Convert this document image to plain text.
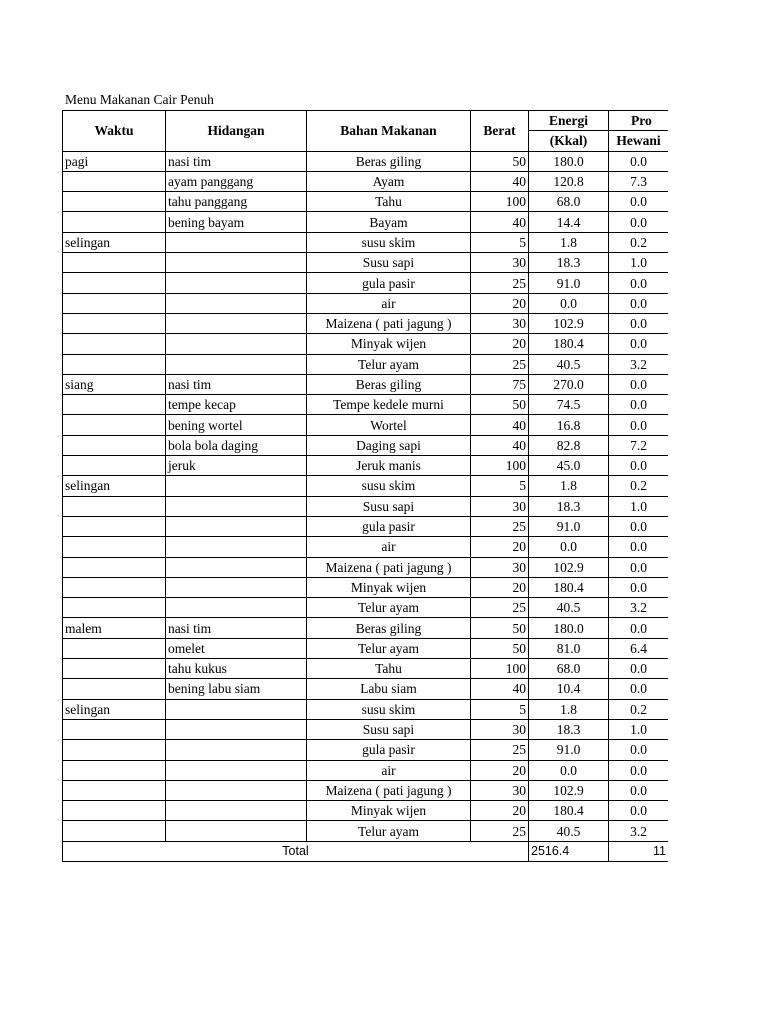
Menu Makanan Cair Penuh
Waktu	Hidangan	Bahan Makanan	Berat	Energi	Pro	
				(Kkal)	Hewani	
pagi	nasi tim	Beras giling	50	180.0	0.0	
	ayam panggang	Ayam	40	120.8	7.3	
	tahu panggang	Tahu	100	68.0	0.0	
	bening bayam	Bayam	40	14.4	0.0	
selingan		susu skim	5	1.8	0.2	
		Susu sapi	30	18.3	1.0	
		gula pasir	25	91.0	0.0	
		air	20	0.0	0.0	
		Maizena ( pati jagung )	30	102.9	0.0	
		Minyak wijen	20	180.4	0.0	
		Telur ayam	25	40.5	3.2	
siang	nasi tim	Beras giling	75	270.0	0.0	
	tempe kecap	Tempe kedele murni	50	74.5	0.0	
	bening wortel	Wortel	40	16.8	0.0	
	bola bola daging	Daging sapi	40	82.8	7.2	
	jeruk	Jeruk manis	100	45.0	0.0	
selingan		susu skim	5	1.8	0.2	
		Susu sapi	30	18.3	1.0	
		gula pasir	25	91.0	0.0	
		air	20	0.0	0.0	
		Maizena ( pati jagung )	30	102.9	0.0	
		Minyak wijen	20	180.4	0.0	
		Telur ayam	25	40.5	3.2	
malem	nasi tim	Beras giling	50	180.0	0.0	
	omelet	Telur ayam	50	81.0	6.4	
	tahu kukus	Tahu	100	68.0	0.0	
	bening labu siam	Labu siam	40	10.4	0.0	
selingan		susu skim	5	1.8	0.2	
		Susu sapi	30	18.3	1.0	
		gula pasir	25	91.0	0.0	
		air	20	0.0	0.0	
		Maizena ( pati jagung )	30	102.9	0.0	
		Minyak wijen	20	180.4	0.0	
		Telur ayam	25	40.5	3.2	
Total				2516.4	11	
